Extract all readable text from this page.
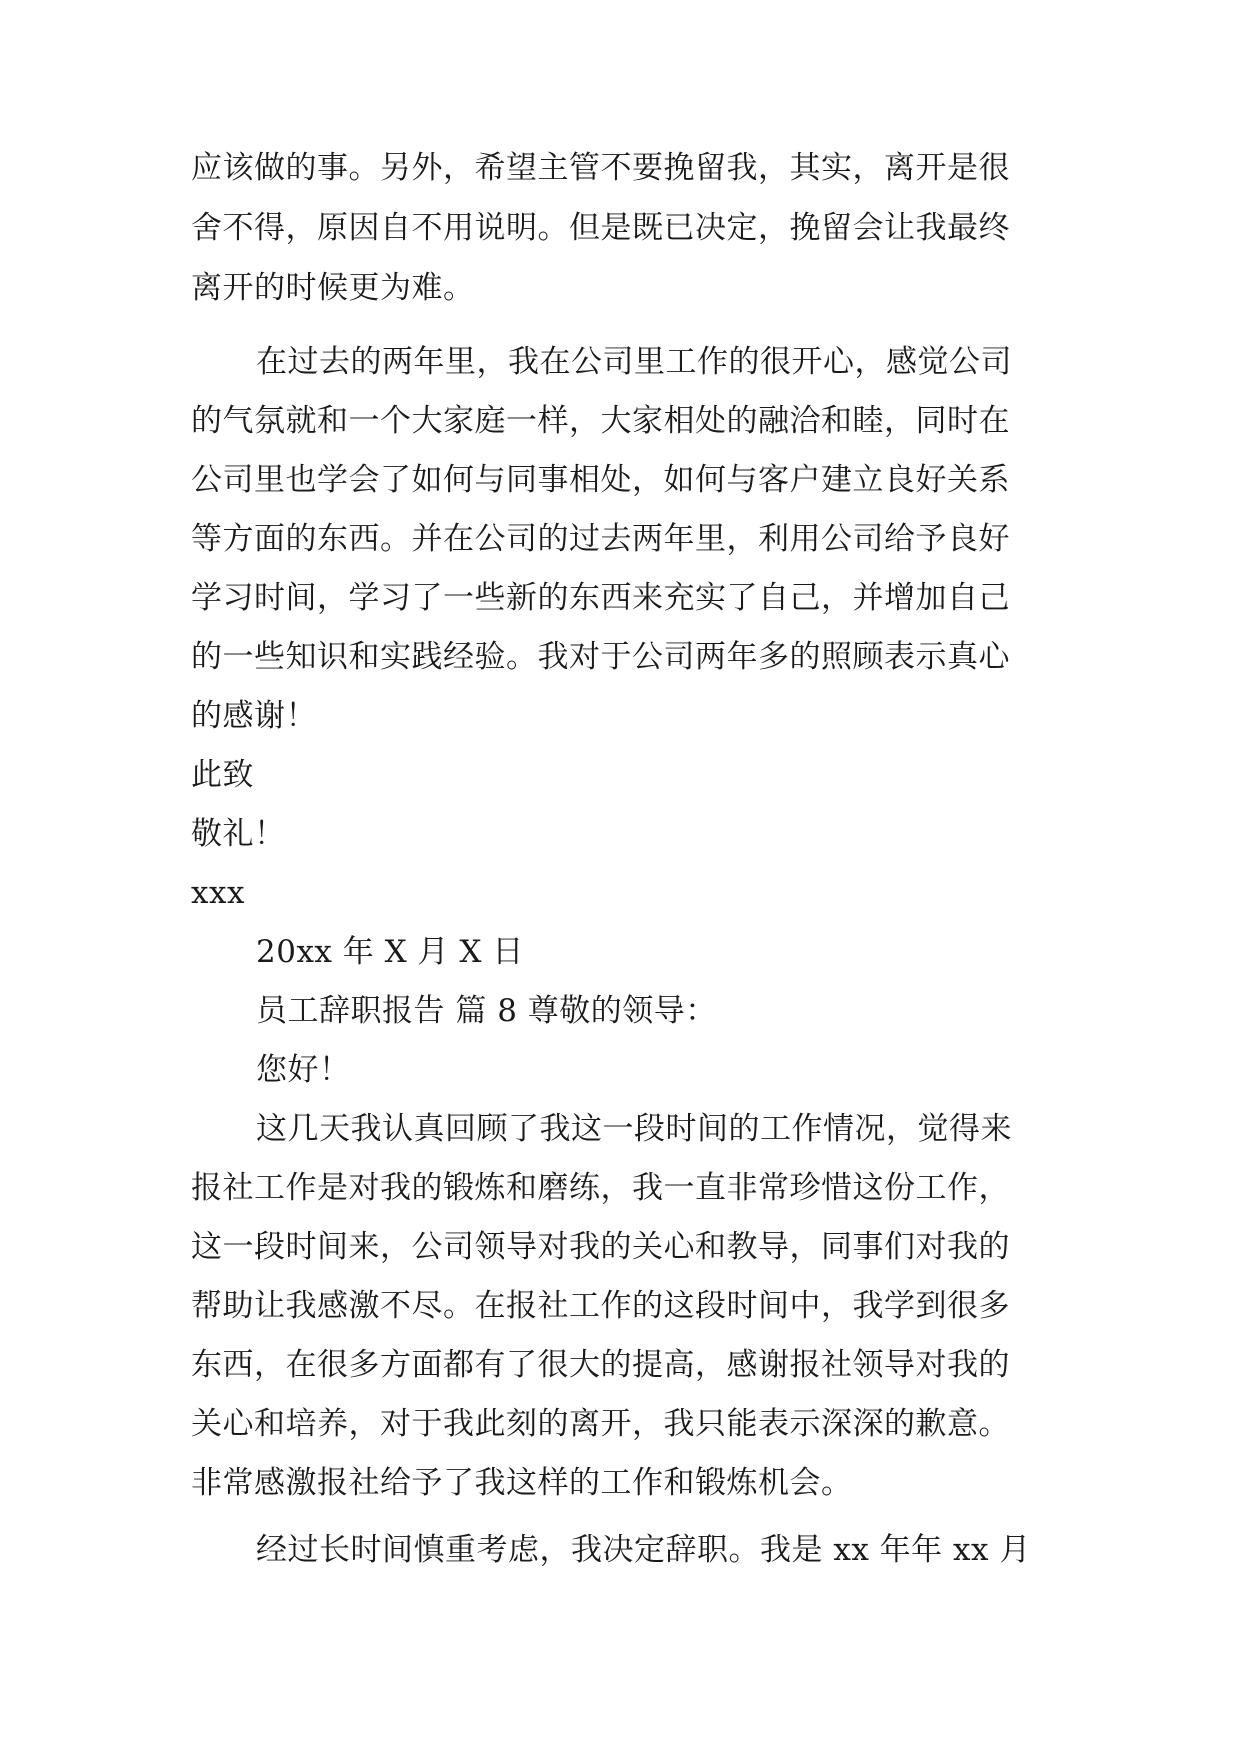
应该做的事。另外，希望主管不要挽留我，其实，离开是很
舍不得，原因自不用说明。但是既已决定，挽留会让我最终
离开的时候更为难。
在过去的两年里，我在公司里工作的很开心，感觉公司
的气氛就和一个大家庭一样，大家相处的融洽和睦，同时在
公司里也学会了如何与同事相处，如何与客户建立良好关系
等方面的东西。并在公司的过去两年里，利用公司给予良好
学习时间，学习了一些新的东西来充实了自己，并增加自己
的一些知识和实践经验。我对于公司两年多的照顾表示真心
的感谢！
此致
敬礼！
xxx
20xx 年 X 月 X 日
员工辞职报告 篇 8 尊敬的领导：
您好！
这几天我认真回顾了我这一段时间的工作情况，觉得来
报社工作是对我的锻炼和磨练，我一直非常珍惜这份工作，
这一段时间来，公司领导对我的关心和教导，同事们对我的
帮助让我感激不尽。在报社工作的这段时间中，我学到很多
东西，在很多方面都有了很大的提高，感谢报社领导对我的
关心和培养，对于我此刻的离开，我只能表示深深的歉意。
非常感激报社给予了我这样的工作和锻炼机会。
经过长时间慎重考虑，我决定辞职。我是 xx 年年 xx 月
